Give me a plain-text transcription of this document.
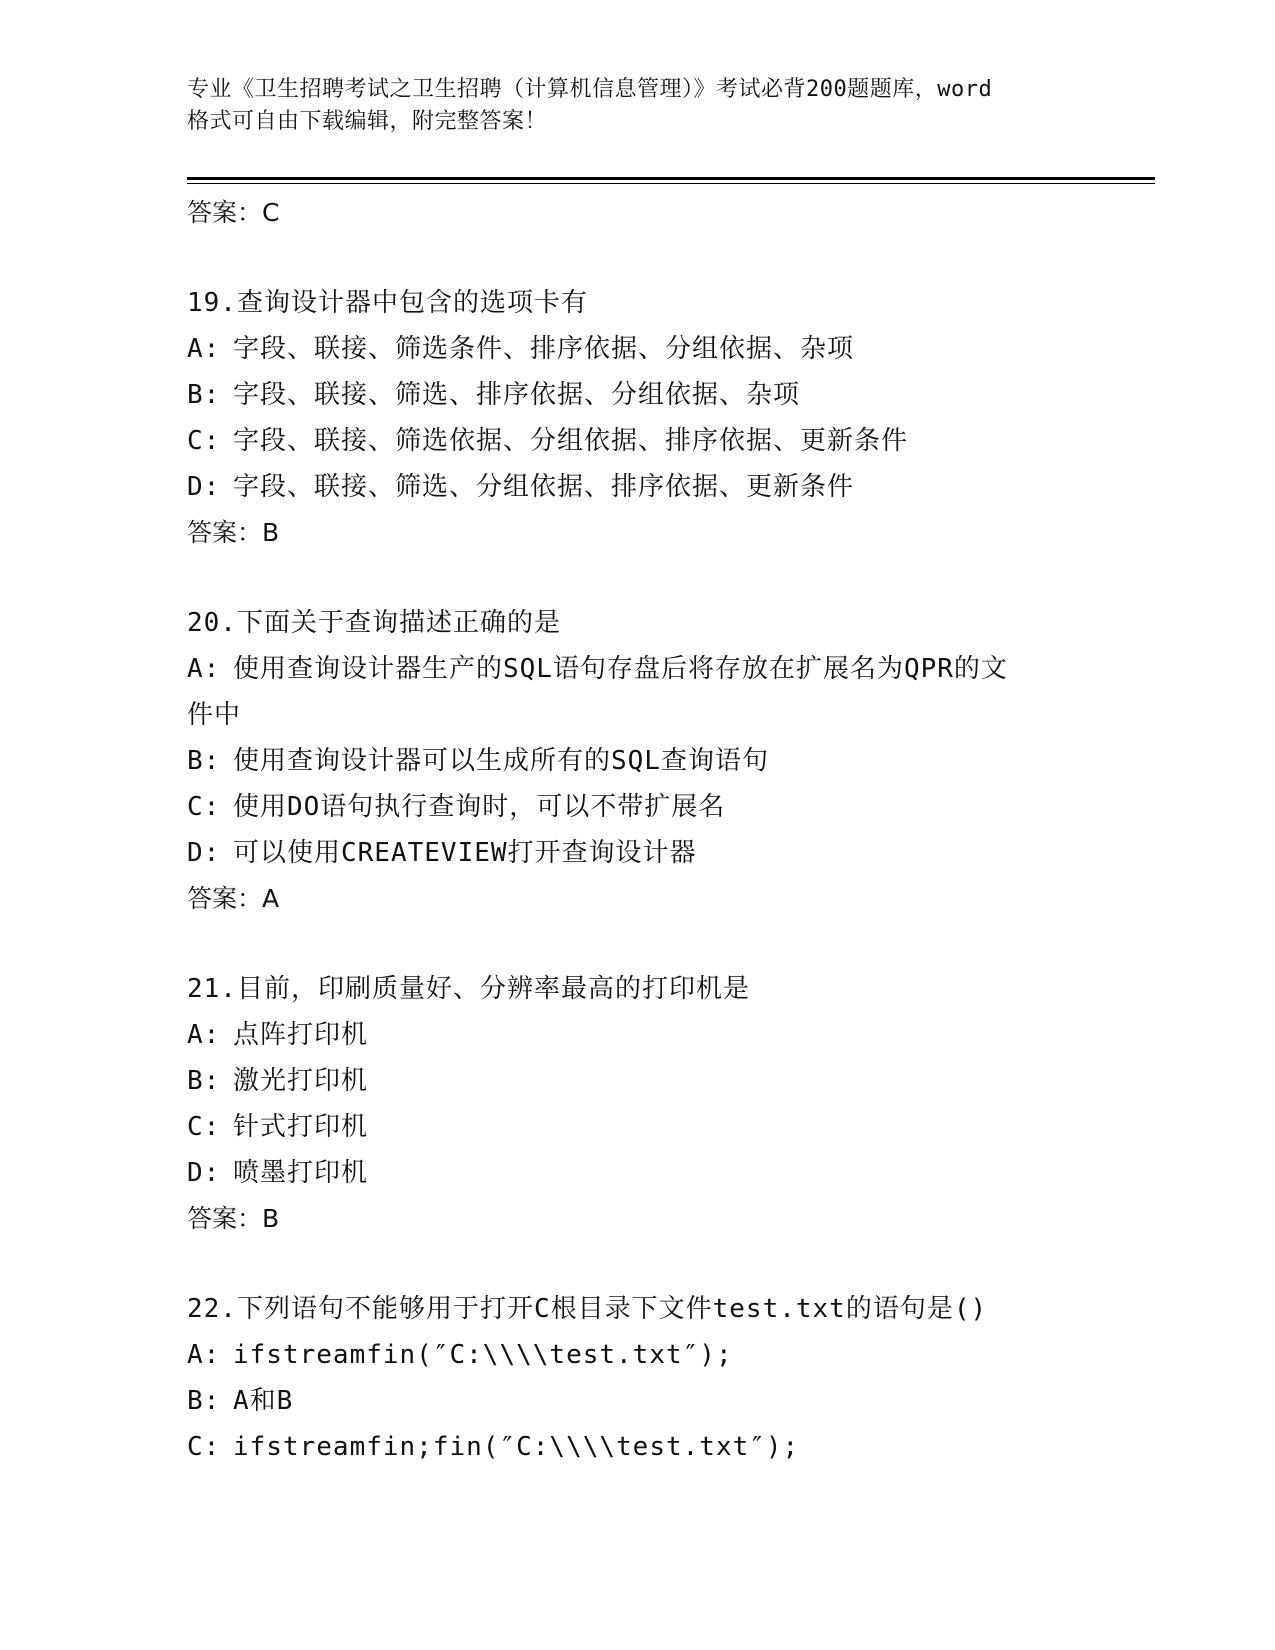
专业《卫生招聘考试之卫生招聘（计算机信息管理）》考试必背200题题库，word
格式可自由下载编辑，附完整答案！
答案：C
19.查询设计器中包含的选项卡有
A: 字段、联接、筛选条件、排序依据、分组依据、杂项
B: 字段、联接、筛选、排序依据、分组依据、杂项
C: 字段、联接、筛选依据、分组依据、排序依据、更新条件
D: 字段、联接、筛选、分组依据、排序依据、更新条件
答案：B
20.下面关于查询描述正确的是
A: 使用查询设计器生产的SQL语句存盘后将存放在扩展名为QPR的文
件中
B: 使用查询设计器可以生成所有的SQL查询语句
C: 使用DO语句执行查询时，可以不带扩展名
D: 可以使用CREATEVIEW打开查询设计器
答案：A
21.目前，印刷质量好、分辨率最高的打印机是
A: 点阵打印机
B: 激光打印机
C: 针式打印机
D: 喷墨打印机
答案：B
22.下列语句不能够用于打开C根目录下文件test.txt的语句是()
A: ifstreamfin(″C:\\\\test.txt″);
B: A和B
C: ifstreamfin;fin(″C:\\\\test.txt″);
